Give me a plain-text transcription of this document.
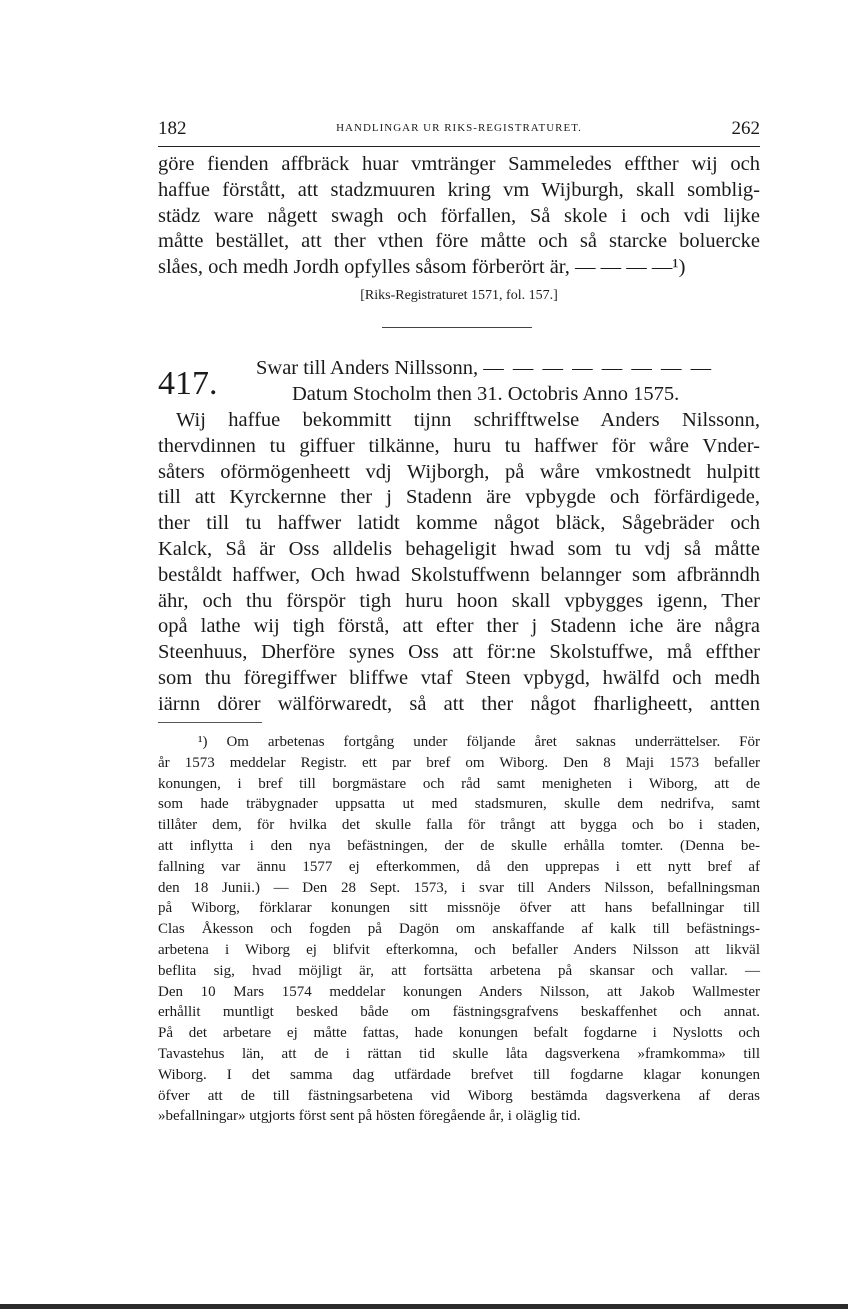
182	HANDLINGAR UR RIKS-REGISTRATURET.	262
göre fienden affbräck huar vmtränger Sammeledes effther wij och
haffue förstått, att stadzmuuren kring vm Wijburgh, skall somblig-
städz ware någett swagh och förfallen, Så skole i och vdi lijke
måtte bestället, att ther vthen före måtte och så starcke boluercke
slåes, och medh Jordh opfylles såsom förberört är, — — — —¹)
[Riks-Registraturet 1571, fol. 157.]
417. Swar till Anders Nillssonn, — — — — — — — —
Datum Stocholm then 31. Octobris Anno 1575.
Wij haffue bekommitt tijnn schrifftwelse Anders Nilssonn,
thervdinnen tu giffuer tilkänne, huru tu haffwer för wåre Vnder-
såters oförmögenheett vdj Wijborgh, på wåre vmkostnedt hulpitt
till att Kyrckernne ther j Stadenn äre vpbygde och förfärdigede,
ther till tu haffwer latidt komme något bläck, Sågebräder och
Kalck, Så är Oss alldelis behageligit hwad som tu vdj så måtte
beståldt haffwer, Och hwad Skolstuffwenn belannger som afbränndh
ähr, och thu förspör tigh huru hoon skall vpbygges igenn, Ther
opå lathe wij tigh förstå, att efter ther j Stadenn iche äre några
Steenhuus, Dherföre synes Oss att för:ne Skolstuffwe, må effther
som thu föregiffwer bliffwe vtaf Steen vpbygd, hwälfd och medh
iärnn dörer wälförwaredt, så att ther något fharligheett, antten
¹) Om arbetenas fortgång under följande året saknas underrättelser. För
år 1573 meddelar Registr. ett par bref om Wiborg. Den 8 Maji 1573 befaller
konungen, i bref till borgmästare och råd samt menigheten i Wiborg, att de
som hade träbygnader uppsatta ut med stadsmuren, skulle dem nedrifva, samt
tillåter dem, för hvilka det skulle falla för trångt att bygga och bo i staden,
att inflytta i den nya befästningen, der de skulle erhålla tomter. (Denna be-
fallning var ännu 1577 ej efterkommen, då den upprepas i ett nytt bref af
den 18 Junii.) — Den 28 Sept. 1573, i svar till Anders Nilsson, befallningsman
på Wiborg, förklarar konungen sitt missnöje öfver att hans befallningar till
Clas Åkesson och fogden på Dagön om anskaffande af kalk till befästnings-
arbetena i Wiborg ej blifvit efterkomna, och befaller Anders Nilsson att likväl
beflita sig, hvad möjligt är, att fortsätta arbetena på skansar och vallar. —
Den 10 Mars 1574 meddelar konungen Anders Nilsson, att Jakob Wallmester
erhållit muntligt besked både om fästningsgrafvens beskaffenhet och annat.
På det arbetare ej måtte fattas, hade konungen befalt fogdarne i Nyslotts och
Tavastehus län, att de i rättan tid skulle låta dagsverkena »framkomma» till
Wiborg. I det samma dag utfärdade brefvet till fogdarne klagar konungen
öfver att de till fästningsarbetena vid Wiborg bestämda dagsverkena af deras
»befallningar» utgjorts först sent på hösten föregående år, i oläglig tid.
